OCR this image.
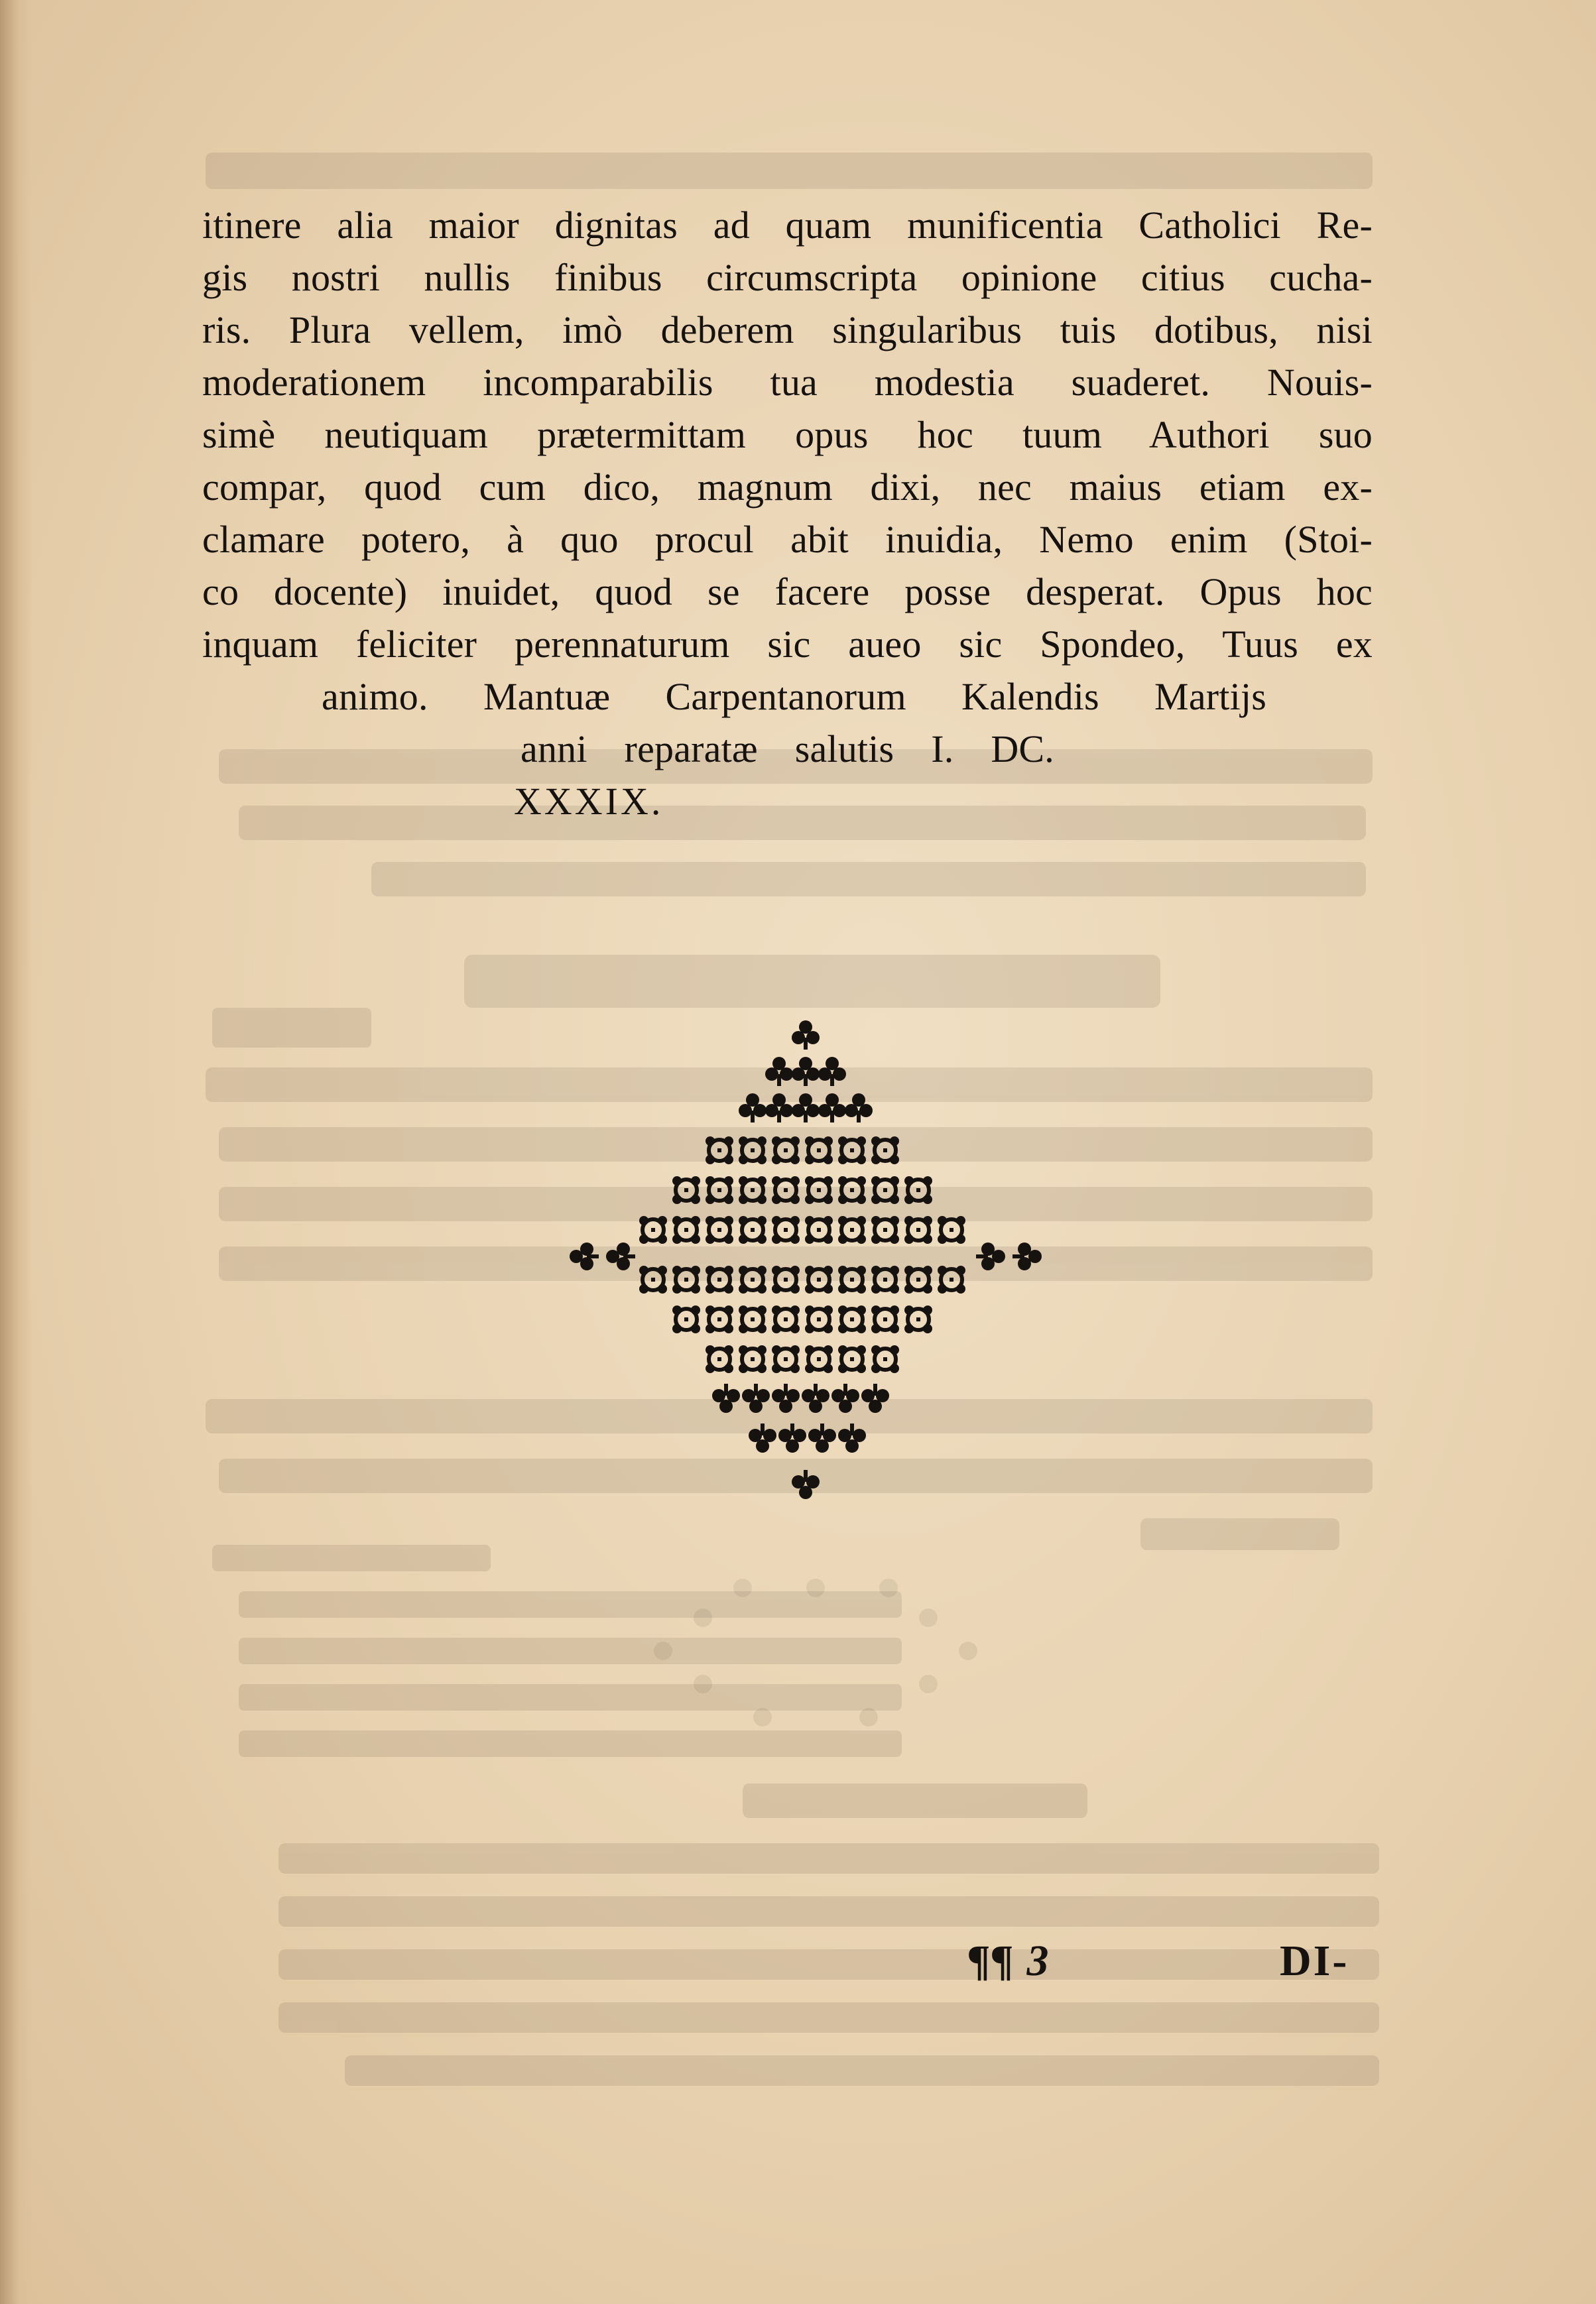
itinere alia maior dignitas ad quam munificentia Catholici Re-
gis nostri nullis finibus circumscripta opinione citius cucha-
ris. Plura vellem, imò deberem singularibus tuis dotibus, nisi
moderationem incomparabilis tua modestia suaderet. Nouis-
simè neutiquam prætermittam opus hoc tuum Authori suo
compar, quod cum dico, magnum dixi, nec maius etiam ex-
clamare potero, à quo procul abit inuidia, Nemo enim (Stoi-
co docente) inuidet, quod se facere posse desperat. Opus hoc
inquam feliciter perennaturum sic aueo sic Spondeo, Tuus ex
animo. Mantuæ Carpentanorum Kalendis Martijs
anni reparatæ salutis I. DC.
XXXIX.
¶¶ 3	DI-
